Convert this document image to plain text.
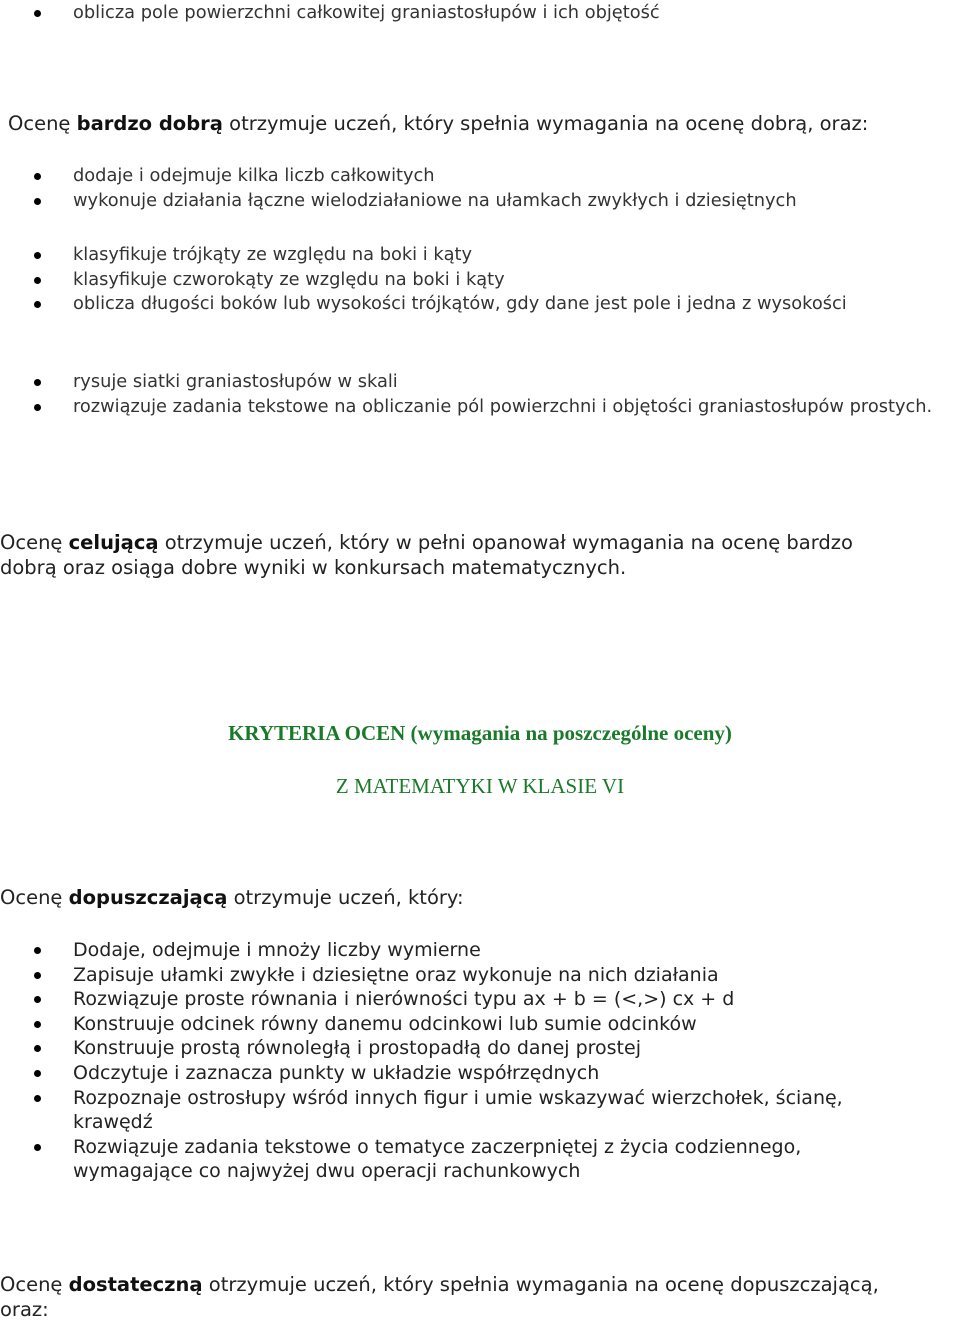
oblicza pole powierzchni całkowitej graniastosłupów i ich objętość
Ocenę bardzo dobrą otrzymuje uczeń, który spełnia wymagania na ocenę dobrą, oraz:
dodaje i odejmuje kilka liczb całkowitych
wykonuje działania łączne wielodziałaniowe na ułamkach zwykłych i dziesiętnych
klasyfikuje trójkąty ze względu na boki i kąty
klasyfikuje czworokąty ze względu na boki i kąty
oblicza długości boków lub wysokości trójkątów, gdy dane jest pole i jedna z wysokości
rysuje siatki graniastosłupów w skali
rozwiązuje zadania tekstowe na obliczanie pól powierzchni i objętości graniastosłupów prostych.
Ocenę celującą otrzymuje uczeń, który w pełni opanował wymagania na ocenę bardzo
dobrą oraz osiąga dobre wyniki w konkursach matematycznych.
KRYTERIA OCEN (wymagania na poszczególne oceny)
Z MATEMATYKI W KLASIE VI
Ocenę dopuszczającą otrzymuje uczeń, który:
Dodaje, odejmuje i mnoży liczby wymierne
Zapisuje ułamki zwykłe i dziesiętne oraz wykonuje na nich działania
Rozwiązuje proste równania i nierówności typu ax + b = (<,>) cx + d
Konstruuje odcinek równy danemu odcinkowi lub sumie odcinków
Konstruuje prostą równoległą i prostopadłą do danej prostej
Odczytuje i zaznacza punkty w układzie współrzędnych
Rozpoznaje ostrosłupy wśród innych figur i umie wskazywać wierzchołek, ścianę, krawędź
Rozwiązuje zadania tekstowe o tematyce zaczerpniętej z życia codziennego, wymagające co najwyżej dwu operacji rachunkowych
Ocenę dostateczną otrzymuje uczeń, który spełnia wymagania na ocenę dopuszczającą,
oraz:
